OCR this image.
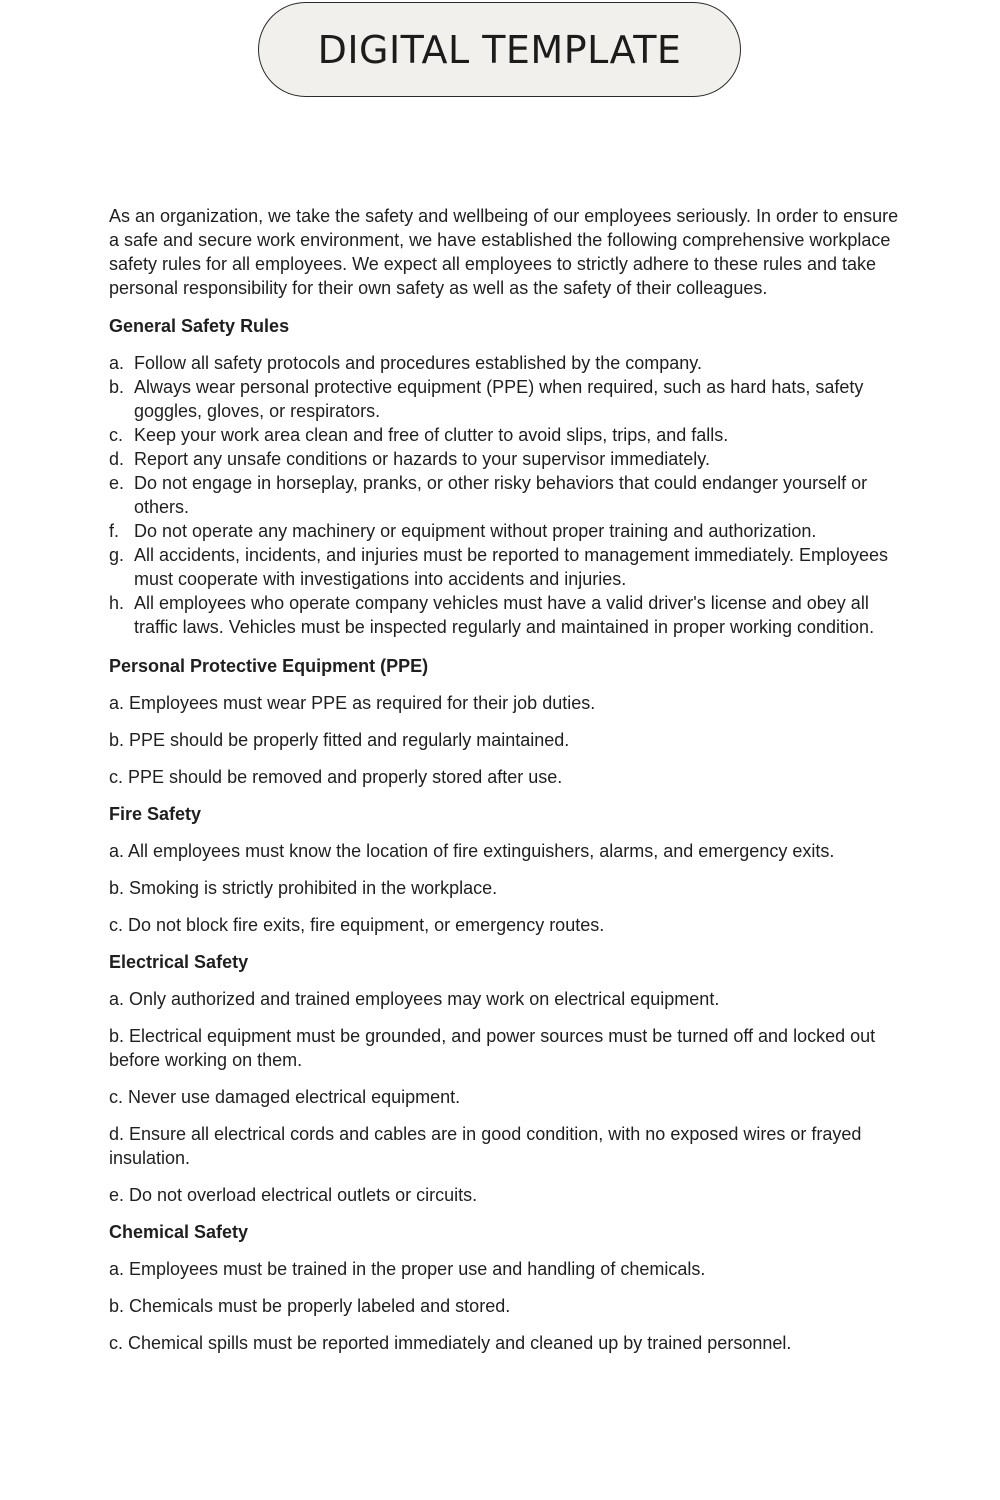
DIGITAL TEMPLATE

As an organization, we take the safety and wellbeing of our employees seriously. In order to ensure a safe and secure work environment, we have established the following comprehensive workplace safety rules for all employees. We expect all employees to strictly adhere to these rules and take personal responsibility for their own safety as well as the safety of their colleagues.

General Safety Rules
a. Follow all safety protocols and procedures established by the company.
b. Always wear personal protective equipment (PPE) when required, such as hard hats, safety goggles, gloves, or respirators.
c. Keep your work area clean and free of clutter to avoid slips, trips, and falls.
d. Report any unsafe conditions or hazards to your supervisor immediately.
e. Do not engage in horseplay, pranks, or other risky behaviors that could endanger yourself or others.
f. Do not operate any machinery or equipment without proper training and authorization.
g. All accidents, incidents, and injuries must be reported to management immediately. Employees must cooperate with investigations into accidents and injuries.
h. All employees who operate company vehicles must have a valid driver's license and obey all traffic laws. Vehicles must be inspected regularly and maintained in proper working condition.
Personal Protective Equipment (PPE)

a. Employees must wear PPE as required for their job duties.

b. PPE should be properly fitted and regularly maintained.

c. PPE should be removed and properly stored after use.

Fire Safety

a. All employees must know the location of fire extinguishers, alarms, and emergency exits.

b. Smoking is strictly prohibited in the workplace.

c. Do not block fire exits, fire equipment, or emergency routes.

Electrical Safety

a. Only authorized and trained employees may work on electrical equipment.

b. Electrical equipment must be grounded, and power sources must be turned off and locked out before working on them.

c. Never use damaged electrical equipment.

d. Ensure all electrical cords and cables are in good condition, with no exposed wires or frayed insulation.

e. Do not overload electrical outlets or circuits.

Chemical Safety

a. Employees must be trained in the proper use and handling of chemicals.

b. Chemicals must be properly labeled and stored.

c. Chemical spills must be reported immediately and cleaned up by trained personnel.
